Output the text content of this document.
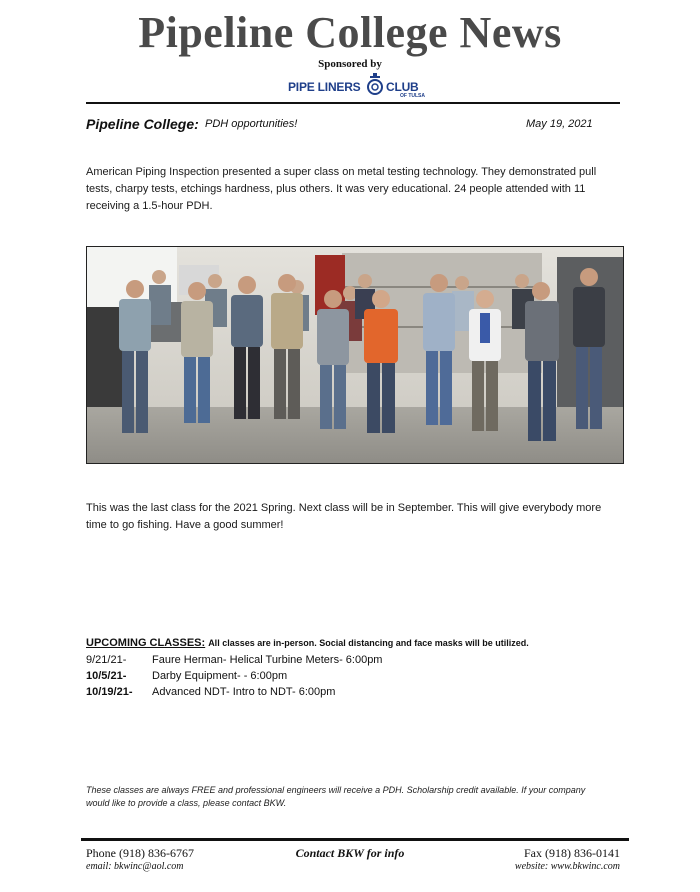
Pipeline College News
Sponsored by
PIPE LINERS CLUB
OF TULSA
Pipeline College: PDH opportunities!	May 19, 2021
American Piping Inspection presented a super class on metal testing technology. They demonstrated pull tests, charpy tests, etchings hardness, plus others. It was very educational. 24 people attended with 11 receiving a 1.5-hour PDH.
This was the last class for the 2021 Spring. Next class will be in September. This will give everybody more time to go fishing. Have a good summer!
UPCOMING CLASSES: All classes are in-person. Social distancing and face masks will be utilized.
9/21/21- Faure Herman- Helical Turbine Meters- 6:00pm
10/5/21- Darby Equipment- - 6:00pm
10/19/21- Advanced NDT- Intro to NDT- 6:00pm
These classes are always FREE and professional engineers will receive a PDH. Scholarship credit available. If your company would like to provide a class, please contact BKW.
Phone (918) 836-6767
email: bkwinc@aol.com
Contact BKW for info	Fax (918) 836-0141
website: www.bkwinc.com
